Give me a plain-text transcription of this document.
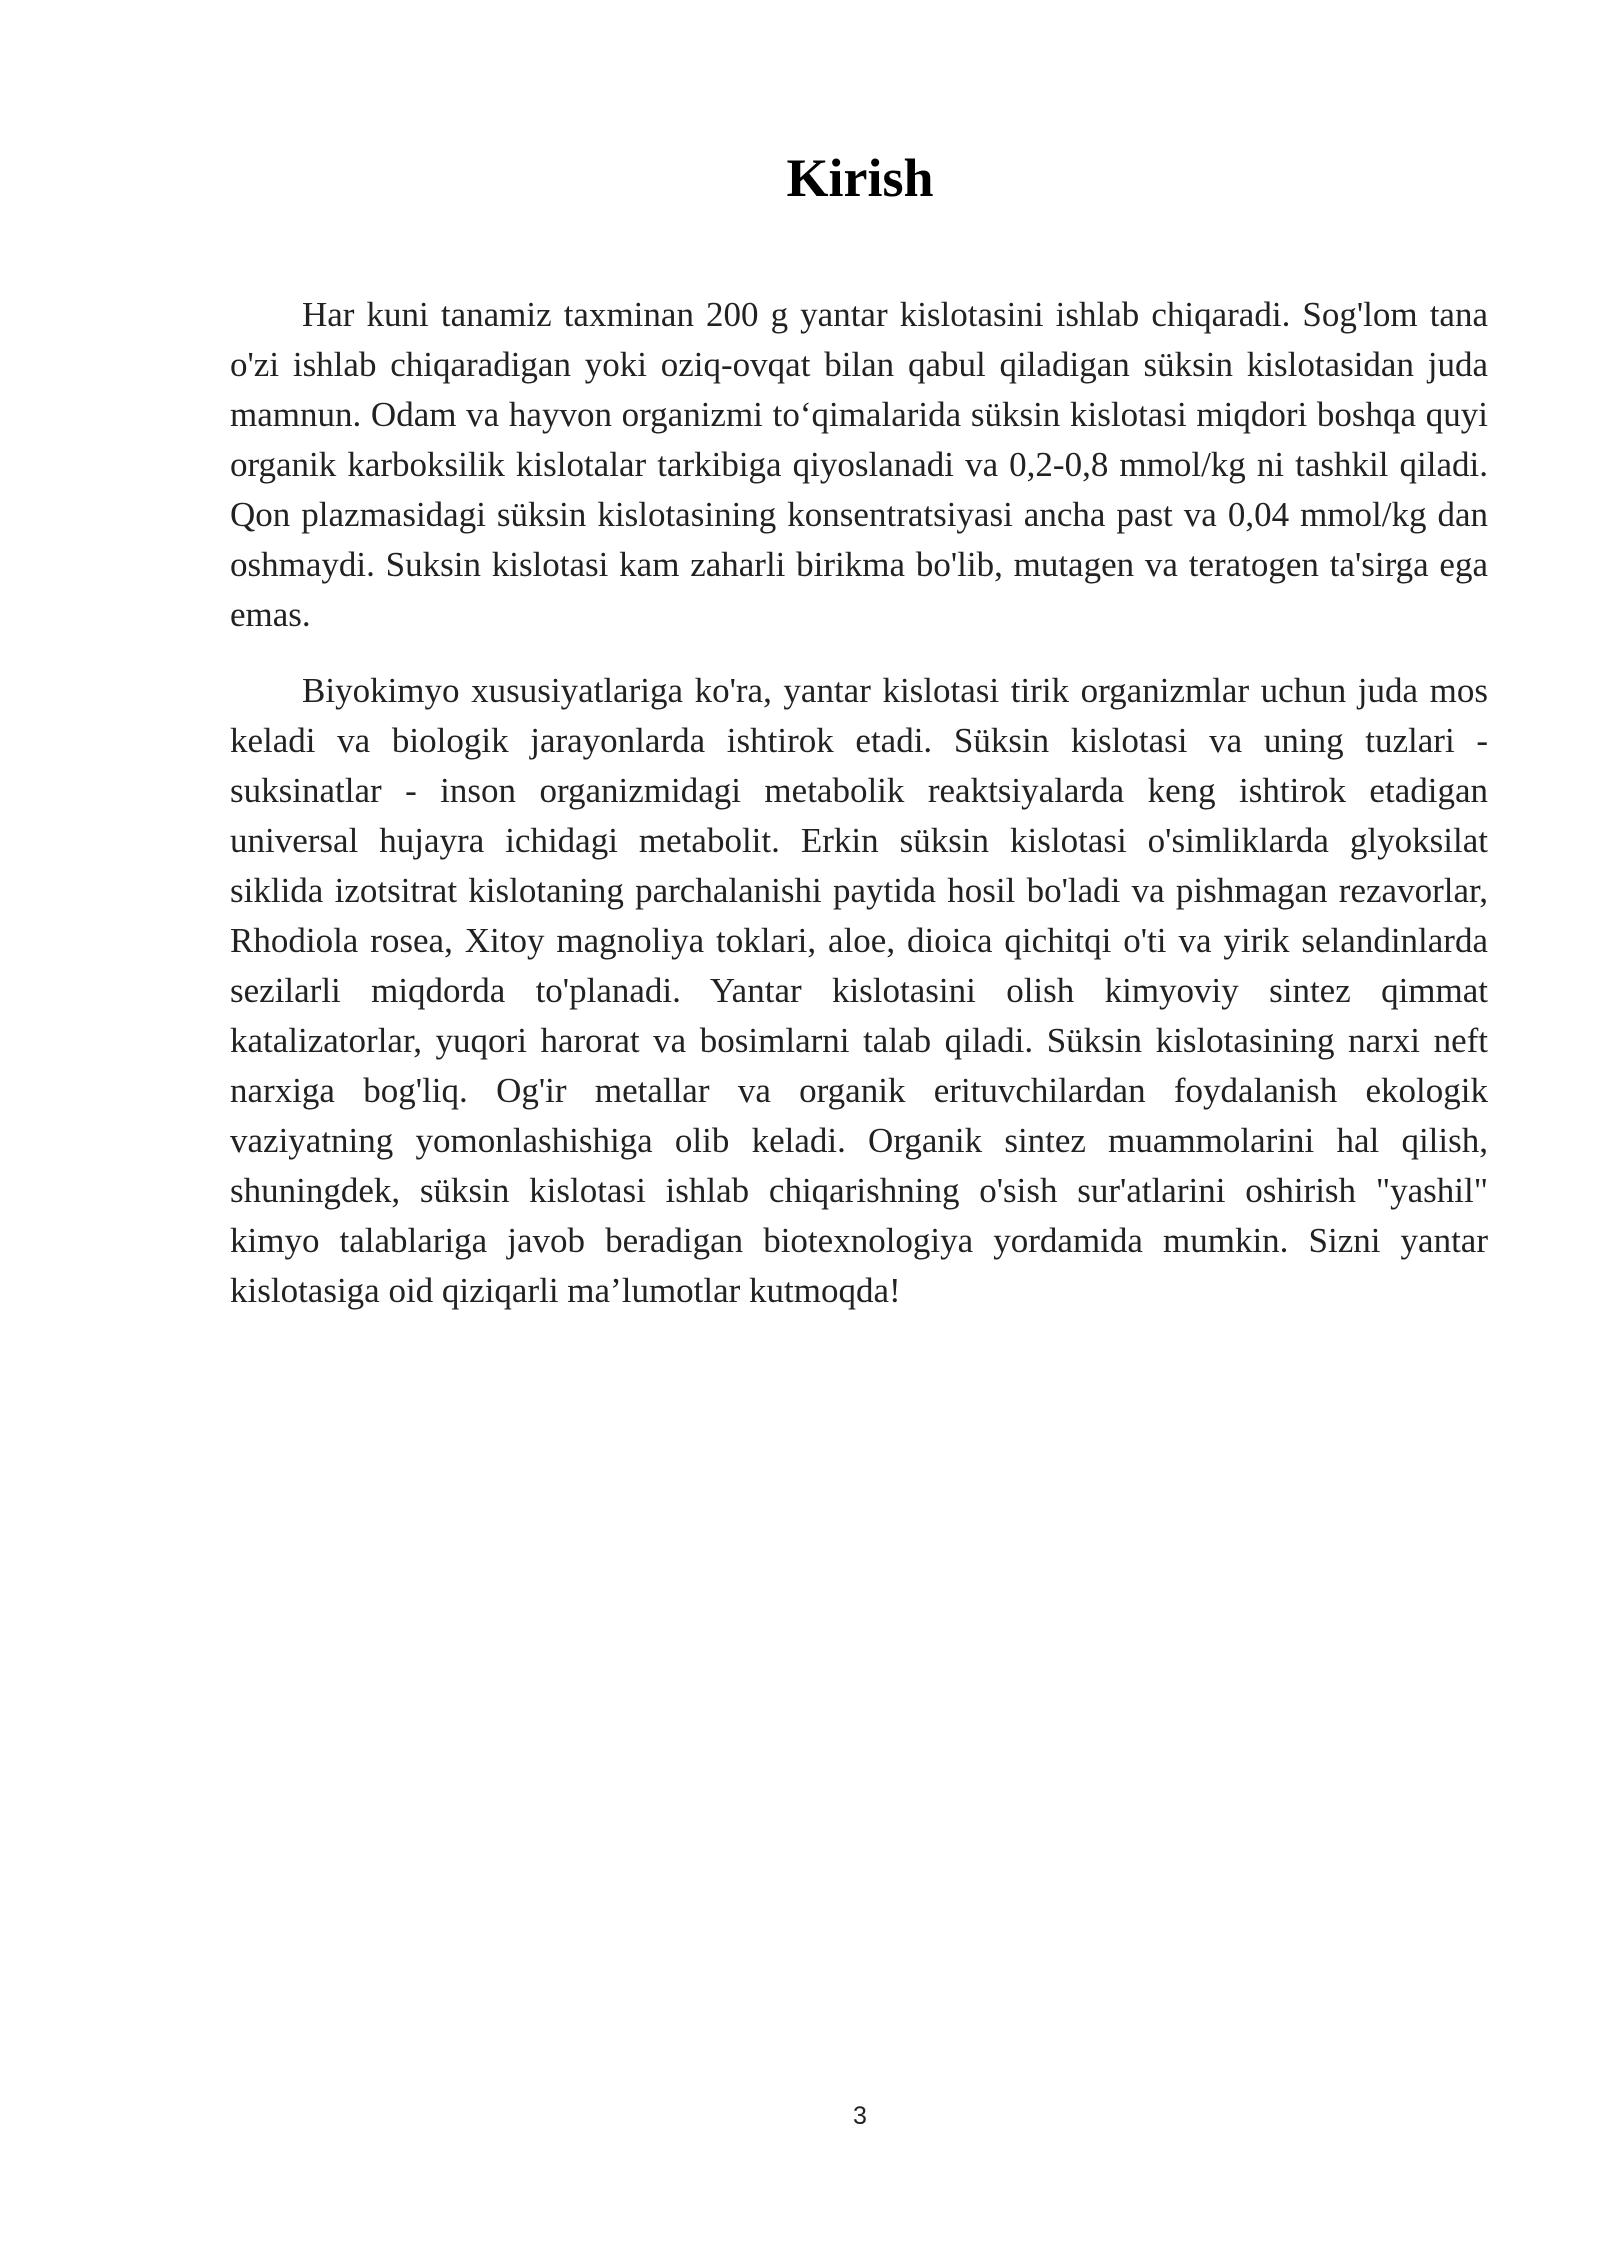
Kirish

Har kuni tanamiz taxminan 200 g yantar kislotasini ishlab chiqaradi. Sog'lom tana o'zi ishlab chiqaradigan yoki oziq-ovqat bilan qabul qiladigan süksin kislotasidan juda mamnun. Odam va hayvon organizmi to‘qimalarida süksin kislotasi miqdori boshqa quyi organik karboksilik kislotalar tarkibiga qiyoslanadi va 0,2-0,8 mmol/kg ni tashkil qiladi. Qon plazmasidagi süksin kislotasining konsentratsiyasi ancha past va 0,04 mmol/kg dan oshmaydi. Suksin kislotasi kam zaharli birikma bo'lib, mutagen va teratogen ta'sirga ega emas.

Biyokimyo xususiyatlariga ko'ra, yantar kislotasi tirik organizmlar uchun juda mos keladi va biologik jarayonlarda ishtirok etadi. Süksin kislotasi va uning tuzlari - suksinatlar - inson organizmidagi metabolik reaktsiyalarda keng ishtirok etadigan universal hujayra ichidagi metabolit. Erkin süksin kislotasi o'simliklarda glyoksilat siklida izotsitrat kislotaning parchalanishi paytida hosil bo'ladi va pishmagan rezavorlar, Rhodiola rosea, Xitoy magnoliya toklari, aloe, dioica qichitqi o'ti va yirik selandinlarda sezilarli miqdorda to'planadi. Yantar kislotasini olish kimyoviy sintez qimmat katalizatorlar, yuqori harorat va bosimlarni talab qiladi. Süksin kislotasining narxi neft narxiga bog'liq. Og'ir metallar va organik erituvchilardan foydalanish ekologik vaziyatning yomonlashishiga olib keladi. Organik sintez muammolarini hal qilish, shuningdek, süksin kislotasi ishlab chiqarishning o'sish sur'atlarini oshirish "yashil" kimyo talablariga javob beradigan biotexnologiya yordamida mumkin. Sizni yantar kislotasiga oid qiziqarli ma’lumotlar kutmoqda!

3
